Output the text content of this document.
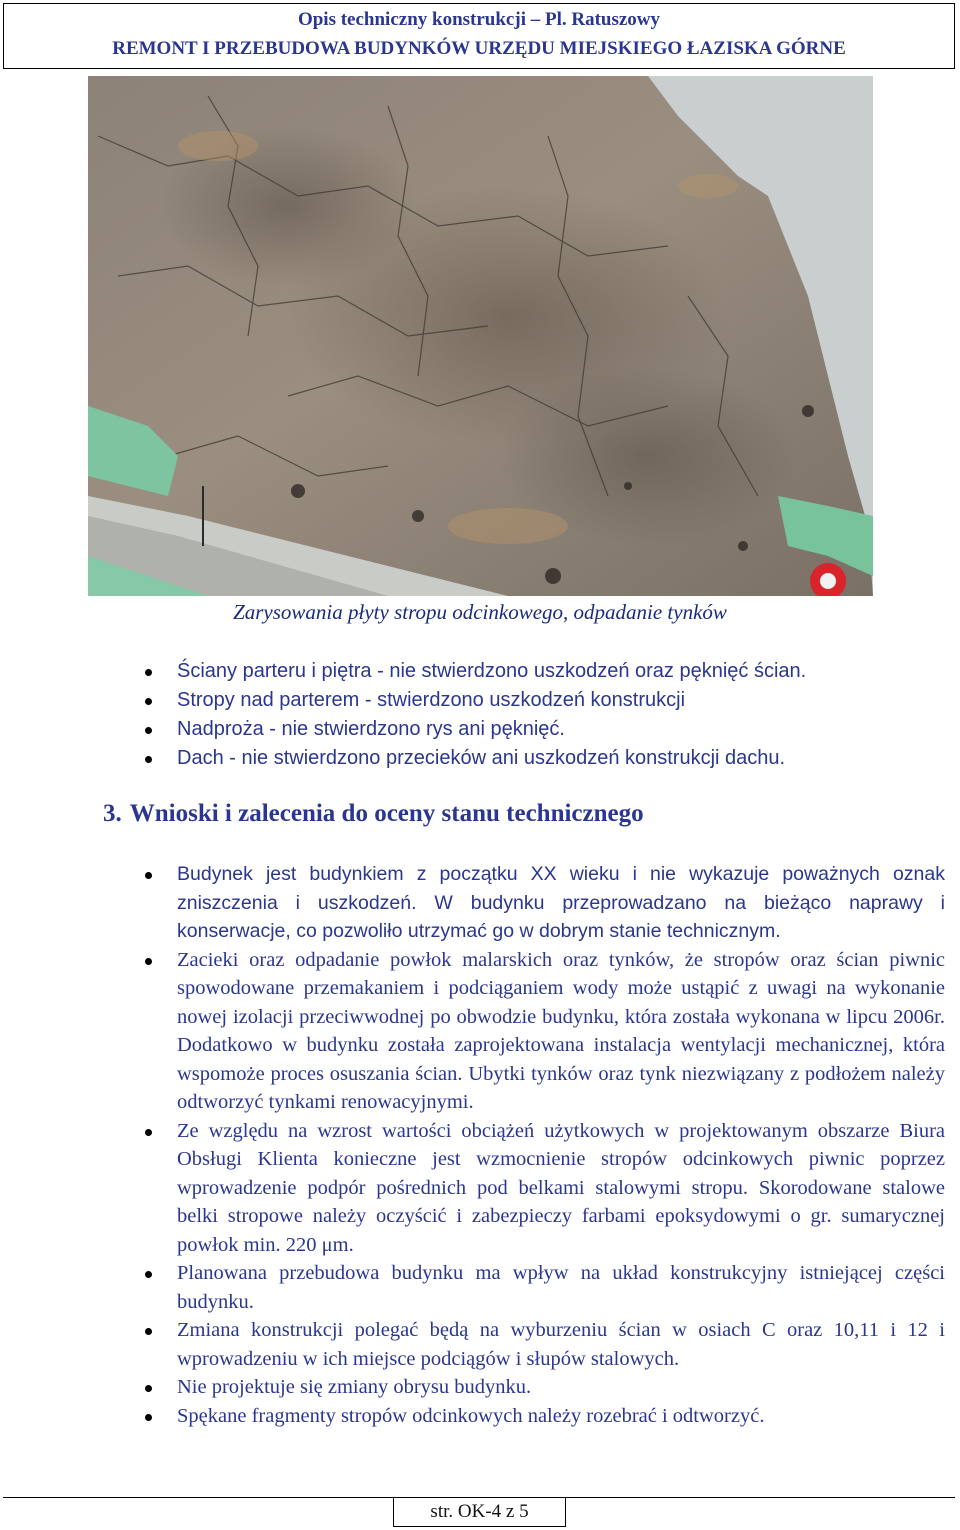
Opis techniczny konstrukcji – Pl. Ratuszowy
REMONT I PRZEBUDOWA BUDYNKÓW URZĘDU MIEJSKIEGO ŁAZISKA GÓRNE
Zarysowania płyty stropu odcinkowego, odpadanie tynków
Ściany parteru i piętra - nie stwierdzono uszkodzeń oraz pęknięć ścian.
Stropy nad parterem - stwierdzono uszkodzeń konstrukcji
Nadproża - nie stwierdzono rys ani pęknięć.
Dach - nie stwierdzono przecieków ani uszkodzeń konstrukcji dachu.
3. Wnioski i zalecenia do oceny stanu technicznego
Budynek jest budynkiem z początku XX wieku i nie wykazuje poważnych oznak zniszczenia i uszkodzeń. W budynku przeprowadzano na bieżąco naprawy i konserwacje, co pozwoliło utrzymać go w dobrym stanie technicznym.
Zacieki oraz odpadanie powłok malarskich oraz tynków, że stropów oraz ścian piwnic spowodowane przemakaniem i podciąganiem wody może ustąpić z uwagi na wykonanie nowej izolacji przeciwwodnej po obwodzie budynku, która została wykonana w lipcu 2006r. Dodatkowo w budynku została zaprojektowana instalacja wentylacji mechanicznej, która wspomoże proces osuszania ścian. Ubytki tynków oraz tynk niezwiązany z podłożem należy odtworzyć tynkami renowacyjnymi.
Ze względu na wzrost wartości obciążeń użytkowych w projektowanym obszarze Biura Obsługi Klienta konieczne jest wzmocnienie stropów odcinkowych piwnic poprzez wprowadzenie podpór pośrednich pod belkami stalowymi stropu. Skorodowane stalowe belki stropowe należy oczyścić i zabezpieczy farbami epoksydowymi o gr. sumarycznej powłok min. 220 μm.
Planowana przebudowa budynku ma wpływ na układ konstrukcyjny istniejącej części budynku.
Zmiana konstrukcji polegać będą na wyburzeniu ścian w osiach C oraz 10,11 i 12 i wprowadzeniu w ich miejsce podciągów i słupów stalowych.
Nie projektuje się zmiany obrysu budynku.
Spękane fragmenty stropów odcinkowych należy rozebrać i odtworzyć.
str. OK-4 z 5
